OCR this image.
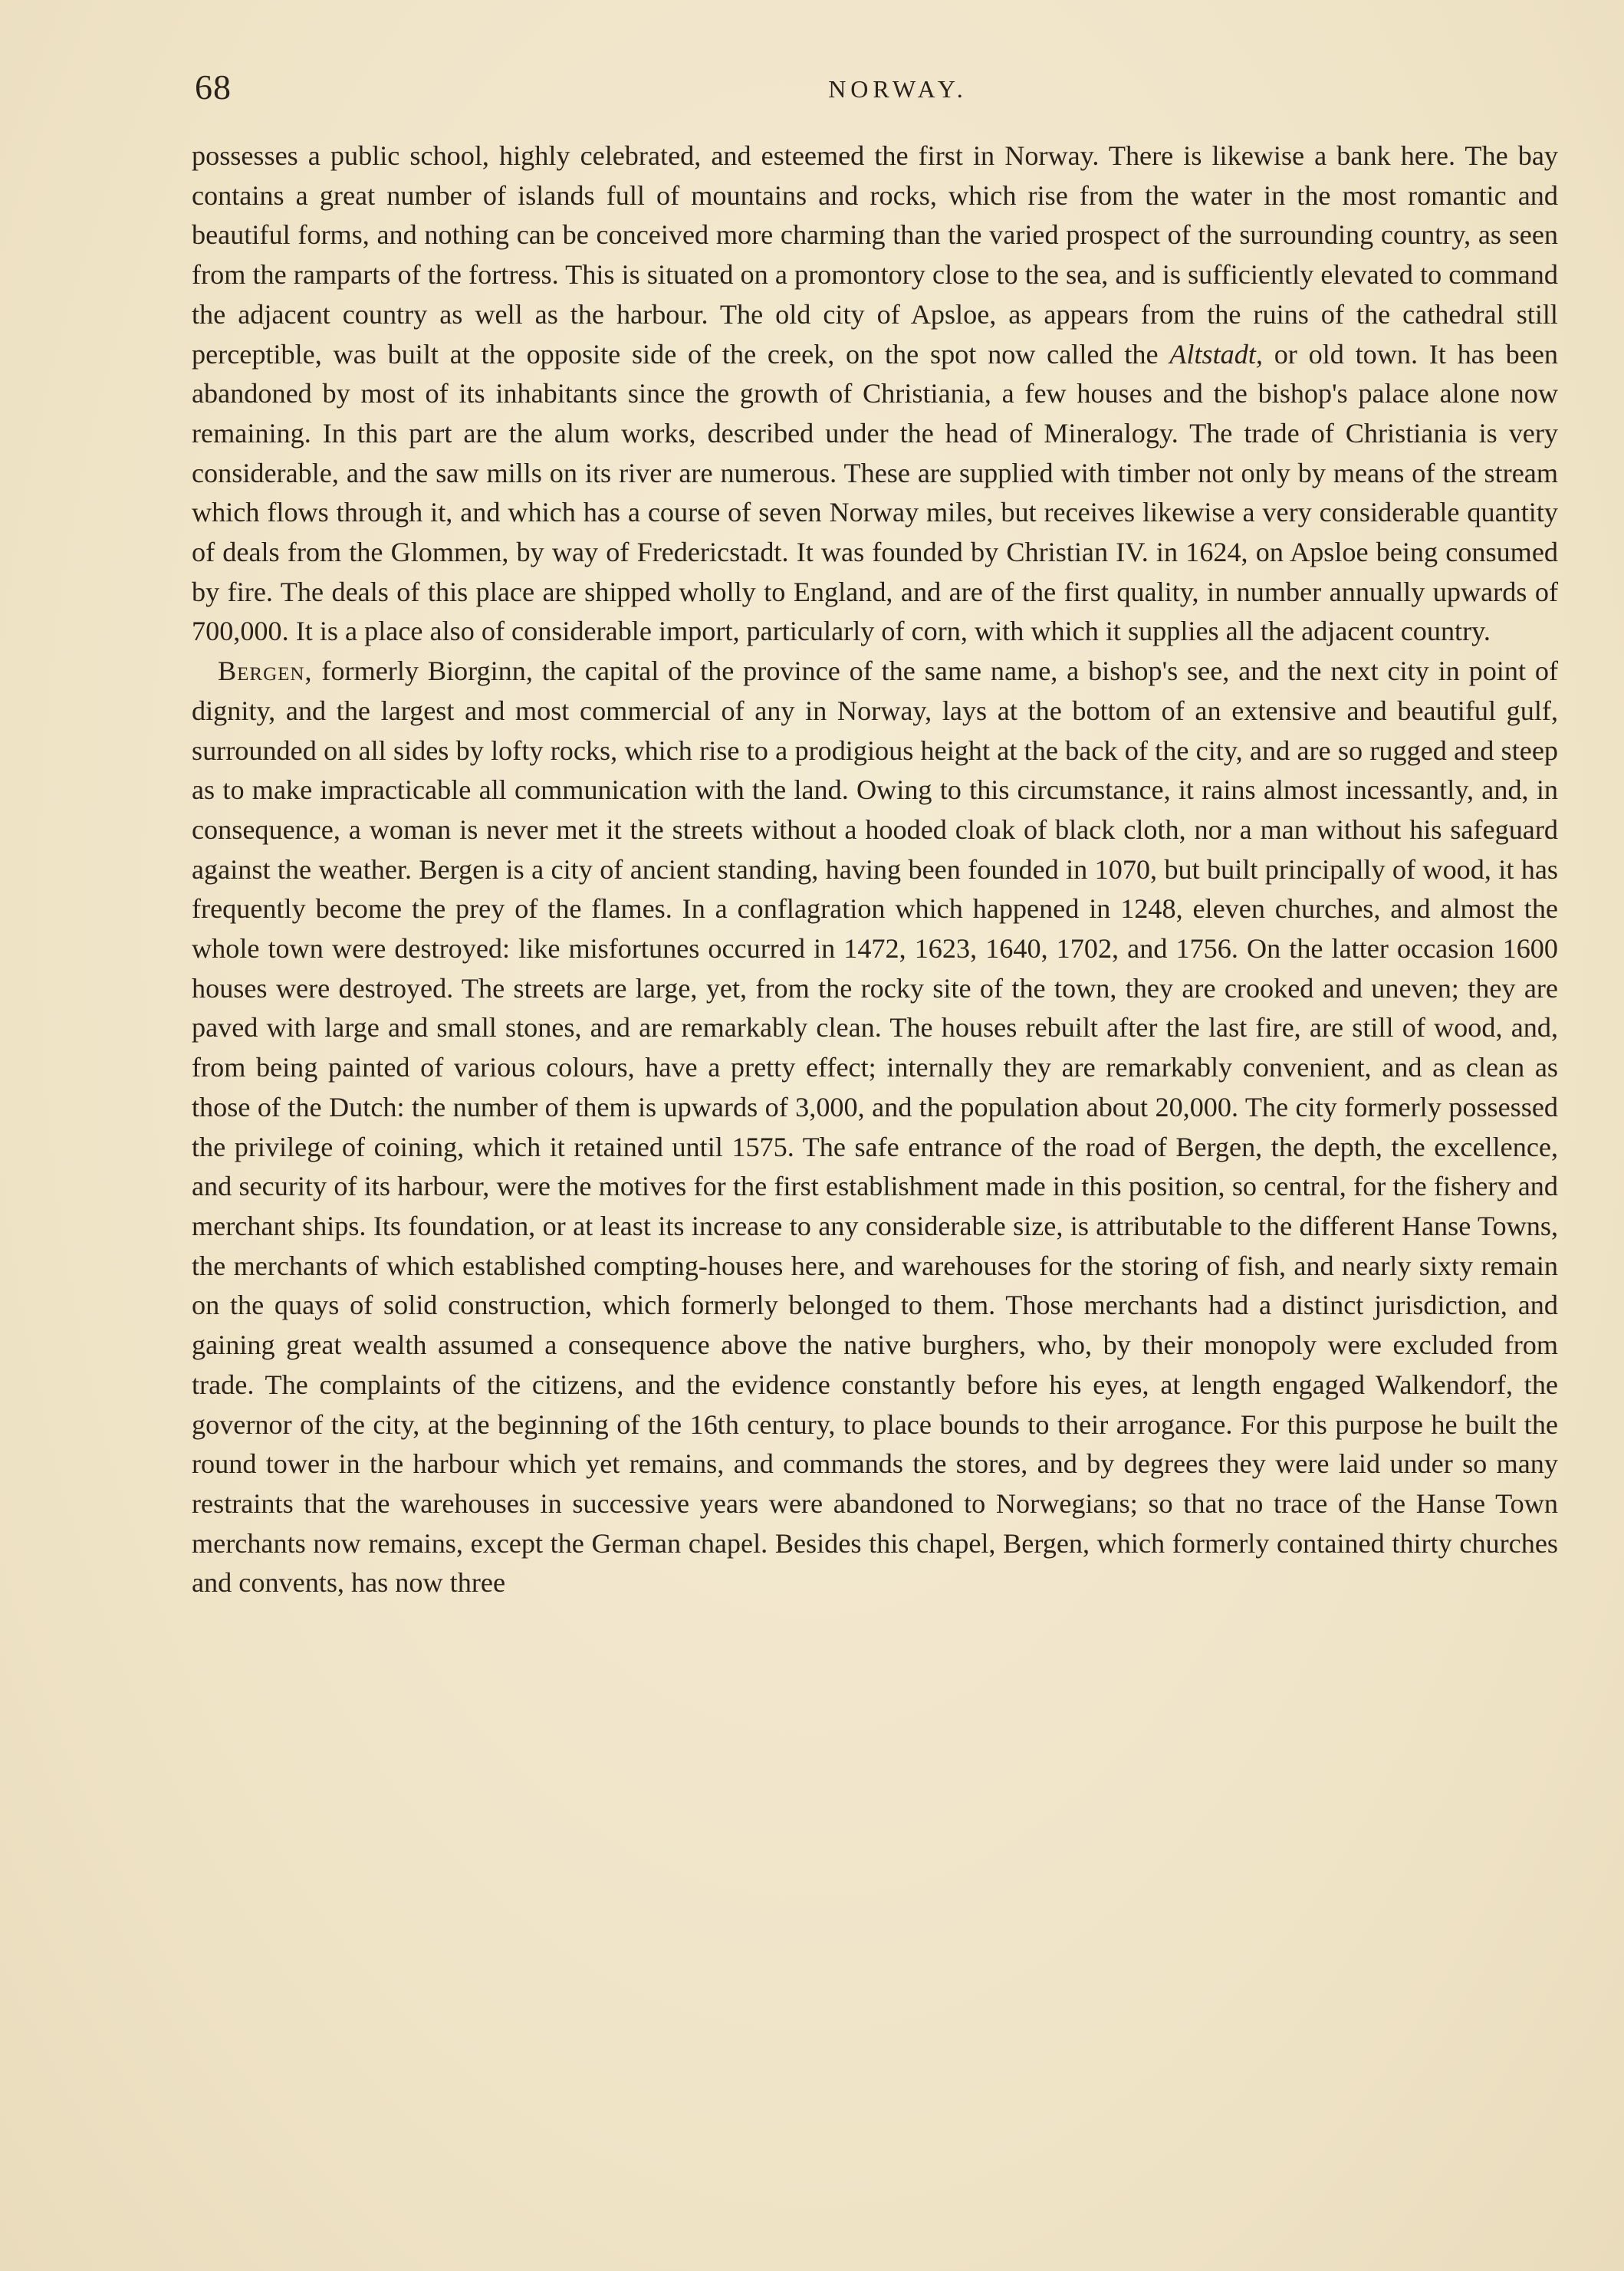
68	NORWAY.

possesses a public school, highly celebrated, and esteemed the first in Norway. There is likewise a bank here. The bay contains a great number of islands full of mountains and rocks, which rise from the water in the most romantic and beautiful forms, and nothing can be conceived more charming than the varied prospect of the surrounding country, as seen from the ramparts of the fortress. This is situated on a promontory close to the sea, and is sufficiently elevated to command the adjacent country as well as the harbour. The old city of Apsloe, as appears from the ruins of the cathedral still perceptible, was built at the opposite side of the creek, on the spot now called the Altstadt, or old town. It has been abandoned by most of its inhabitants since the growth of Christiania, a few houses and the bishop's palace alone now remaining. In this part are the alum works, described under the head of Mineralogy. The trade of Christiania is very considerable, and the saw mills on its river are numerous. These are supplied with timber not only by means of the stream which flows through it, and which has a course of seven Norway miles, but receives likewise a very considerable quantity of deals from the Glommen, by way of Fredericstadt. It was founded by Christian IV. in 1624, on Apsloe being consumed by fire. The deals of this place are shipped wholly to England, and are of the first quality, in number annually upwards of 700,000. It is a place also of considerable import, particularly of corn, with which it supplies all the adjacent country.

Bergen, formerly Biorginn, the capital of the province of the same name, a bishop's see, and the next city in point of dignity, and the largest and most commercial of any in Norway, lays at the bottom of an extensive and beautiful gulf, surrounded on all sides by lofty rocks, which rise to a prodigious height at the back of the city, and are so rugged and steep as to make impracticable all communication with the land. Owing to this circumstance, it rains almost incessantly, and, in consequence, a woman is never met it the streets without a hooded cloak of black cloth, nor a man without his safeguard against the weather. Bergen is a city of ancient standing, having been founded in 1070, but built principally of wood, it has frequently become the prey of the flames. In a conflagration which happened in 1248, eleven churches, and almost the whole town were destroyed: like misfortunes occurred in 1472, 1623, 1640, 1702, and 1756. On the latter occasion 1600 houses were destroyed. The streets are large, yet, from the rocky site of the town, they are crooked and uneven; they are paved with large and small stones, and are remarkably clean. The houses rebuilt after the last fire, are still of wood, and, from being painted of various colours, have a pretty effect; internally they are remarkably convenient, and as clean as those of the Dutch: the number of them is upwards of 3,000, and the population about 20,000. The city formerly possessed the privilege of coining, which it retained until 1575. The safe entrance of the road of Bergen, the depth, the excellence, and security of its harbour, were the motives for the first establishment made in this position, so central, for the fishery and merchant ships. Its foundation, or at least its increase to any considerable size, is attributable to the different Hanse Towns, the merchants of which established compting-houses here, and warehouses for the storing of fish, and nearly sixty remain on the quays of solid construction, which formerly belonged to them. Those merchants had a distinct jurisdiction, and gaining great wealth assumed a consequence above the native burghers, who, by their monopoly were excluded from trade. The complaints of the citizens, and the evidence constantly before his eyes, at length engaged Walkendorf, the governor of the city, at the beginning of the 16th century, to place bounds to their arrogance. For this purpose he built the round tower in the harbour which yet remains, and commands the stores, and by degrees they were laid under so many restraints that the warehouses in successive years were abandoned to Norwegians; so that no trace of the Hanse Town merchants now remains, except the German chapel. Besides this chapel, Bergen, which formerly contained thirty churches and convents, has now three
